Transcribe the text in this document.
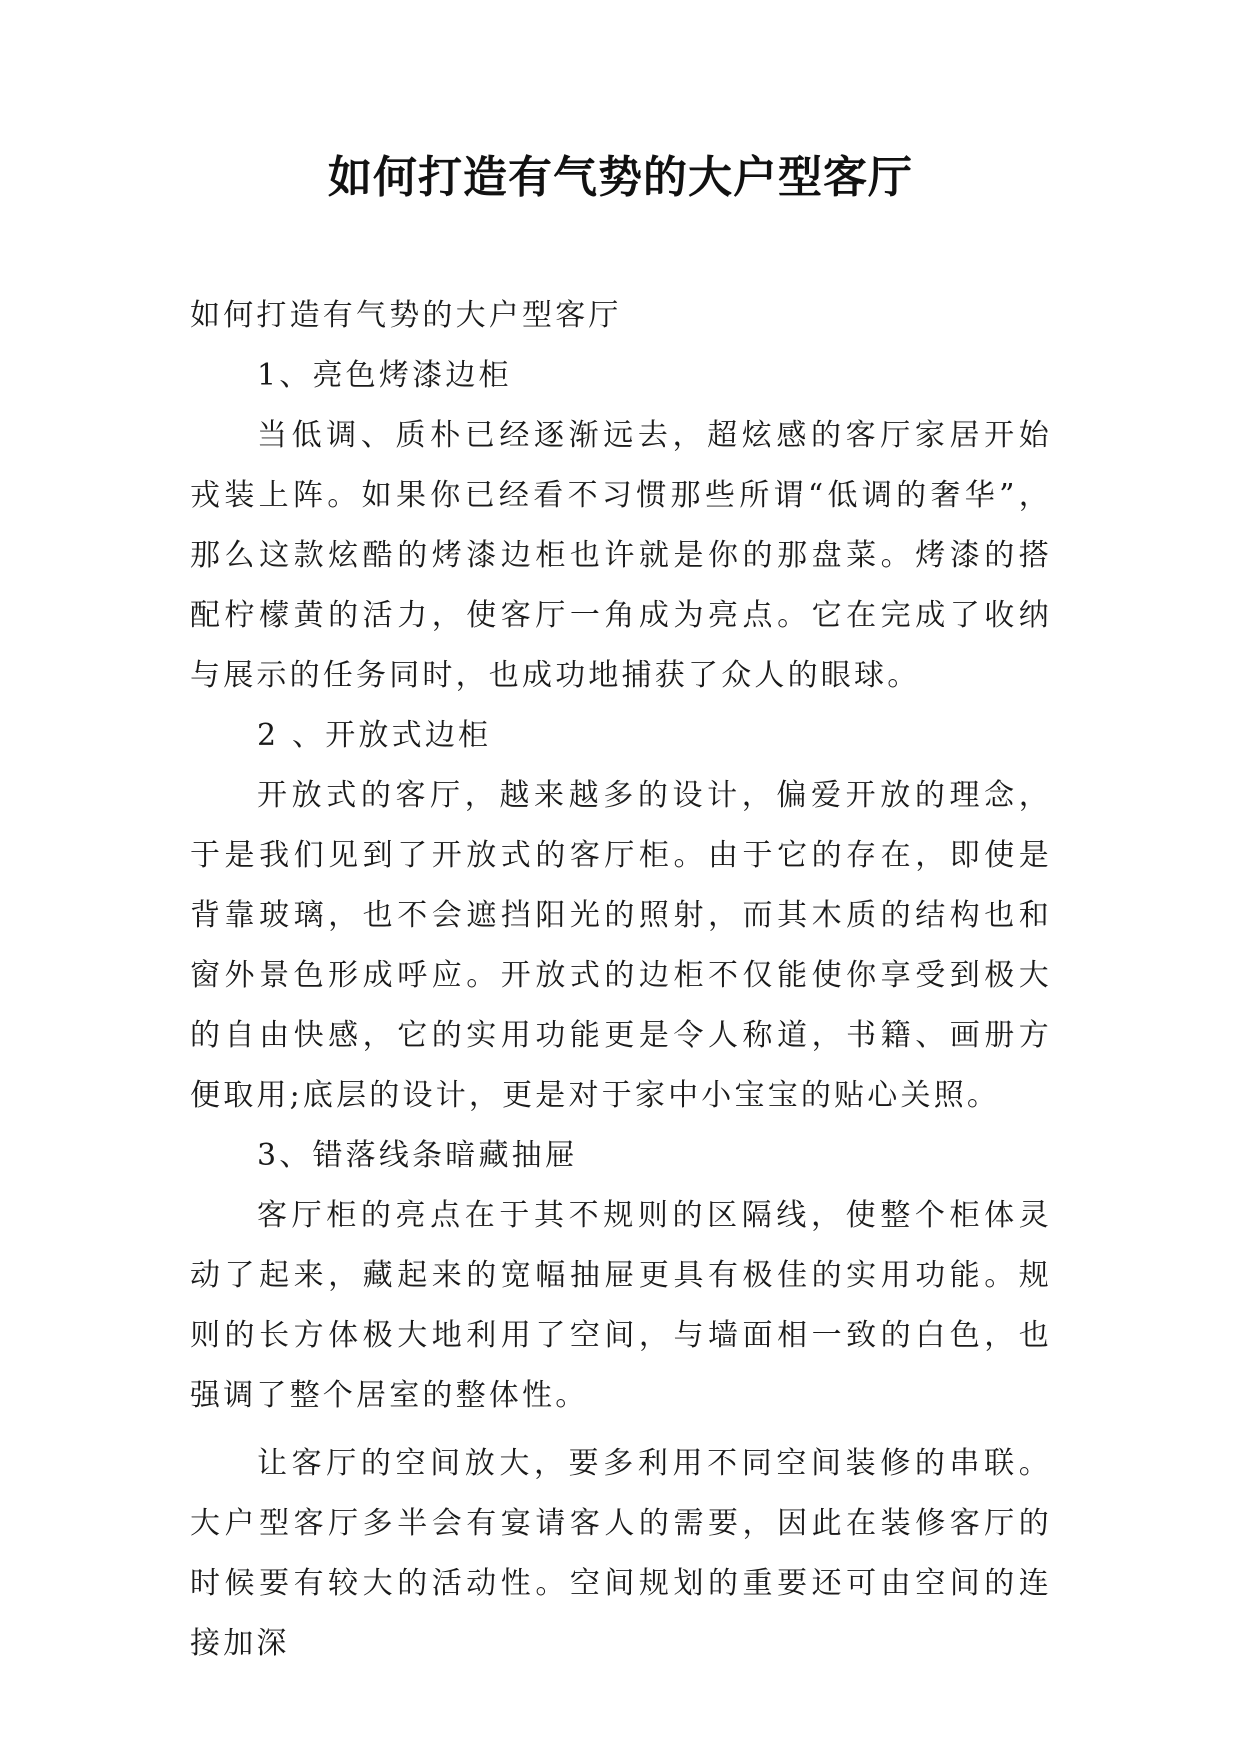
如何打造有气势的大户型客厅

如何打造有气势的大户型客厅

1、亮色烤漆边柜

当低调、质朴已经逐渐远去，超炫感的客厅家居开始戎装上阵。如果你已经看不习惯那些所谓“低调的奢华”，那么这款炫酷的烤漆边柜也许就是你的那盘菜。烤漆的搭配柠檬黄的活力，使客厅一角成为亮点。它在完成了收纳与展示的任务同时，也成功地捕获了众人的眼球。

2 、开放式边柜

开放式的客厅，越来越多的设计，偏爱开放的理念，于是我们见到了开放式的客厅柜。由于它的存在，即使是背靠玻璃，也不会遮挡阳光的照射，而其木质的结构也和窗外景色形成呼应。开放式的边柜不仅能使你享受到极大的自由快感，它的实用功能更是令人称道，书籍、画册方便取用;底层的设计，更是对于家中小宝宝的贴心关照。

3、错落线条暗藏抽屉

客厅柜的亮点在于其不规则的区隔线，使整个柜体灵动了起来，藏起来的宽幅抽屉更具有极佳的实用功能。规则的长方体极大地利用了空间，与墙面相一致的白色，也强调了整个居室的整体性。

让客厅的空间放大，要多利用不同空间装修的串联。大户型客厅多半会有宴请客人的需要，因此在装修客厅的时候要有较大的活动性。空间规划的重要还可由空间的连接加深
